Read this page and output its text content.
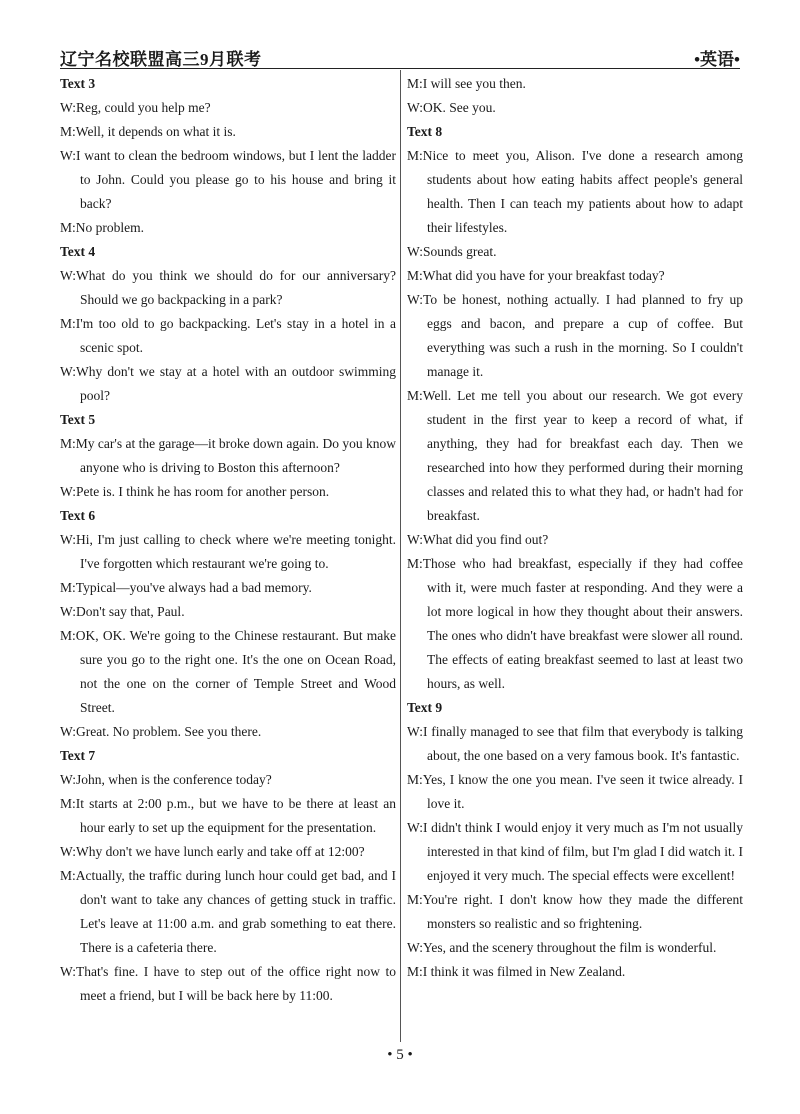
辽宁名校联盟高三9月联考	•英语•
Text 3
W:Reg, could you help me?
M:Well, it depends on what it is.
W:I want to clean the bedroom windows, but I lent the ladder to John. Could you please go to his house and bring it back?
M:No problem.
Text 4
W:What do you think we should do for our anniversary? Should we go backpacking in a park?
M:I'm too old to go backpacking. Let's stay in a hotel in a scenic spot.
W:Why don't we stay at a hotel with an outdoor swimming pool?
Text 5
M:My car's at the garage—it broke down again. Do you know anyone who is driving to Boston this afternoon?
W:Pete is. I think he has room for another person.
Text 6
W:Hi, I'm just calling to check where we're meeting tonight. I've forgotten which restaurant we're going to.
M:Typical—you've always had a bad memory.
W:Don't say that, Paul.
M:OK, OK. We're going to the Chinese restaurant. But make sure you go to the right one. It's the one on Ocean Road, not the one on the corner of Temple Street and Wood Street.
W:Great. No problem. See you there.
Text 7
W:John, when is the conference today?
M:It starts at 2:00 p.m., but we have to be there at least an hour early to set up the equipment for the presentation.
W:Why don't we have lunch early and take off at 12:00?
M:Actually, the traffic during lunch hour could get bad, and I don't want to take any chances of getting stuck in traffic. Let's leave at 11:00 a.m. and grab something to eat there. There is a cafeteria there.
W:That's fine. I have to step out of the office right now to meet a friend, but I will be back here by 11:00.
M:I will see you then.
W:OK. See you.
Text 8
M:Nice to meet you, Alison. I've done a research among students about how eating habits affect people's general health. Then I can teach my patients about how to adapt their lifestyles.
W:Sounds great.
M:What did you have for your breakfast today?
W:To be honest, nothing actually. I had planned to fry up eggs and bacon, and prepare a cup of coffee. But everything was such a rush in the morning. So I couldn't manage it.
M:Well. Let me tell you about our research. We got every student in the first year to keep a record of what, if anything, they had for breakfast each day. Then we researched into how they performed during their morning classes and related this to what they had, or hadn't had for breakfast.
W:What did you find out?
M:Those who had breakfast, especially if they had coffee with it, were much faster at responding. And they were a lot more logical in how they thought about their answers. The ones who didn't have breakfast were slower all round. The effects of eating breakfast seemed to last at least two hours, as well.
Text 9
W:I finally managed to see that film that everybody is talking about, the one based on a very famous book. It's fantastic.
M:Yes, I know the one you mean. I've seen it twice already. I love it.
W:I didn't think I would enjoy it very much as I'm not usually interested in that kind of film, but I'm glad I did watch it. I enjoyed it very much. The special effects were excellent!
M:You're right. I don't know how they made the different monsters so realistic and so frightening.
W:Yes, and the scenery throughout the film is wonderful.
M:I think it was filmed in New Zealand.
• 5 •
